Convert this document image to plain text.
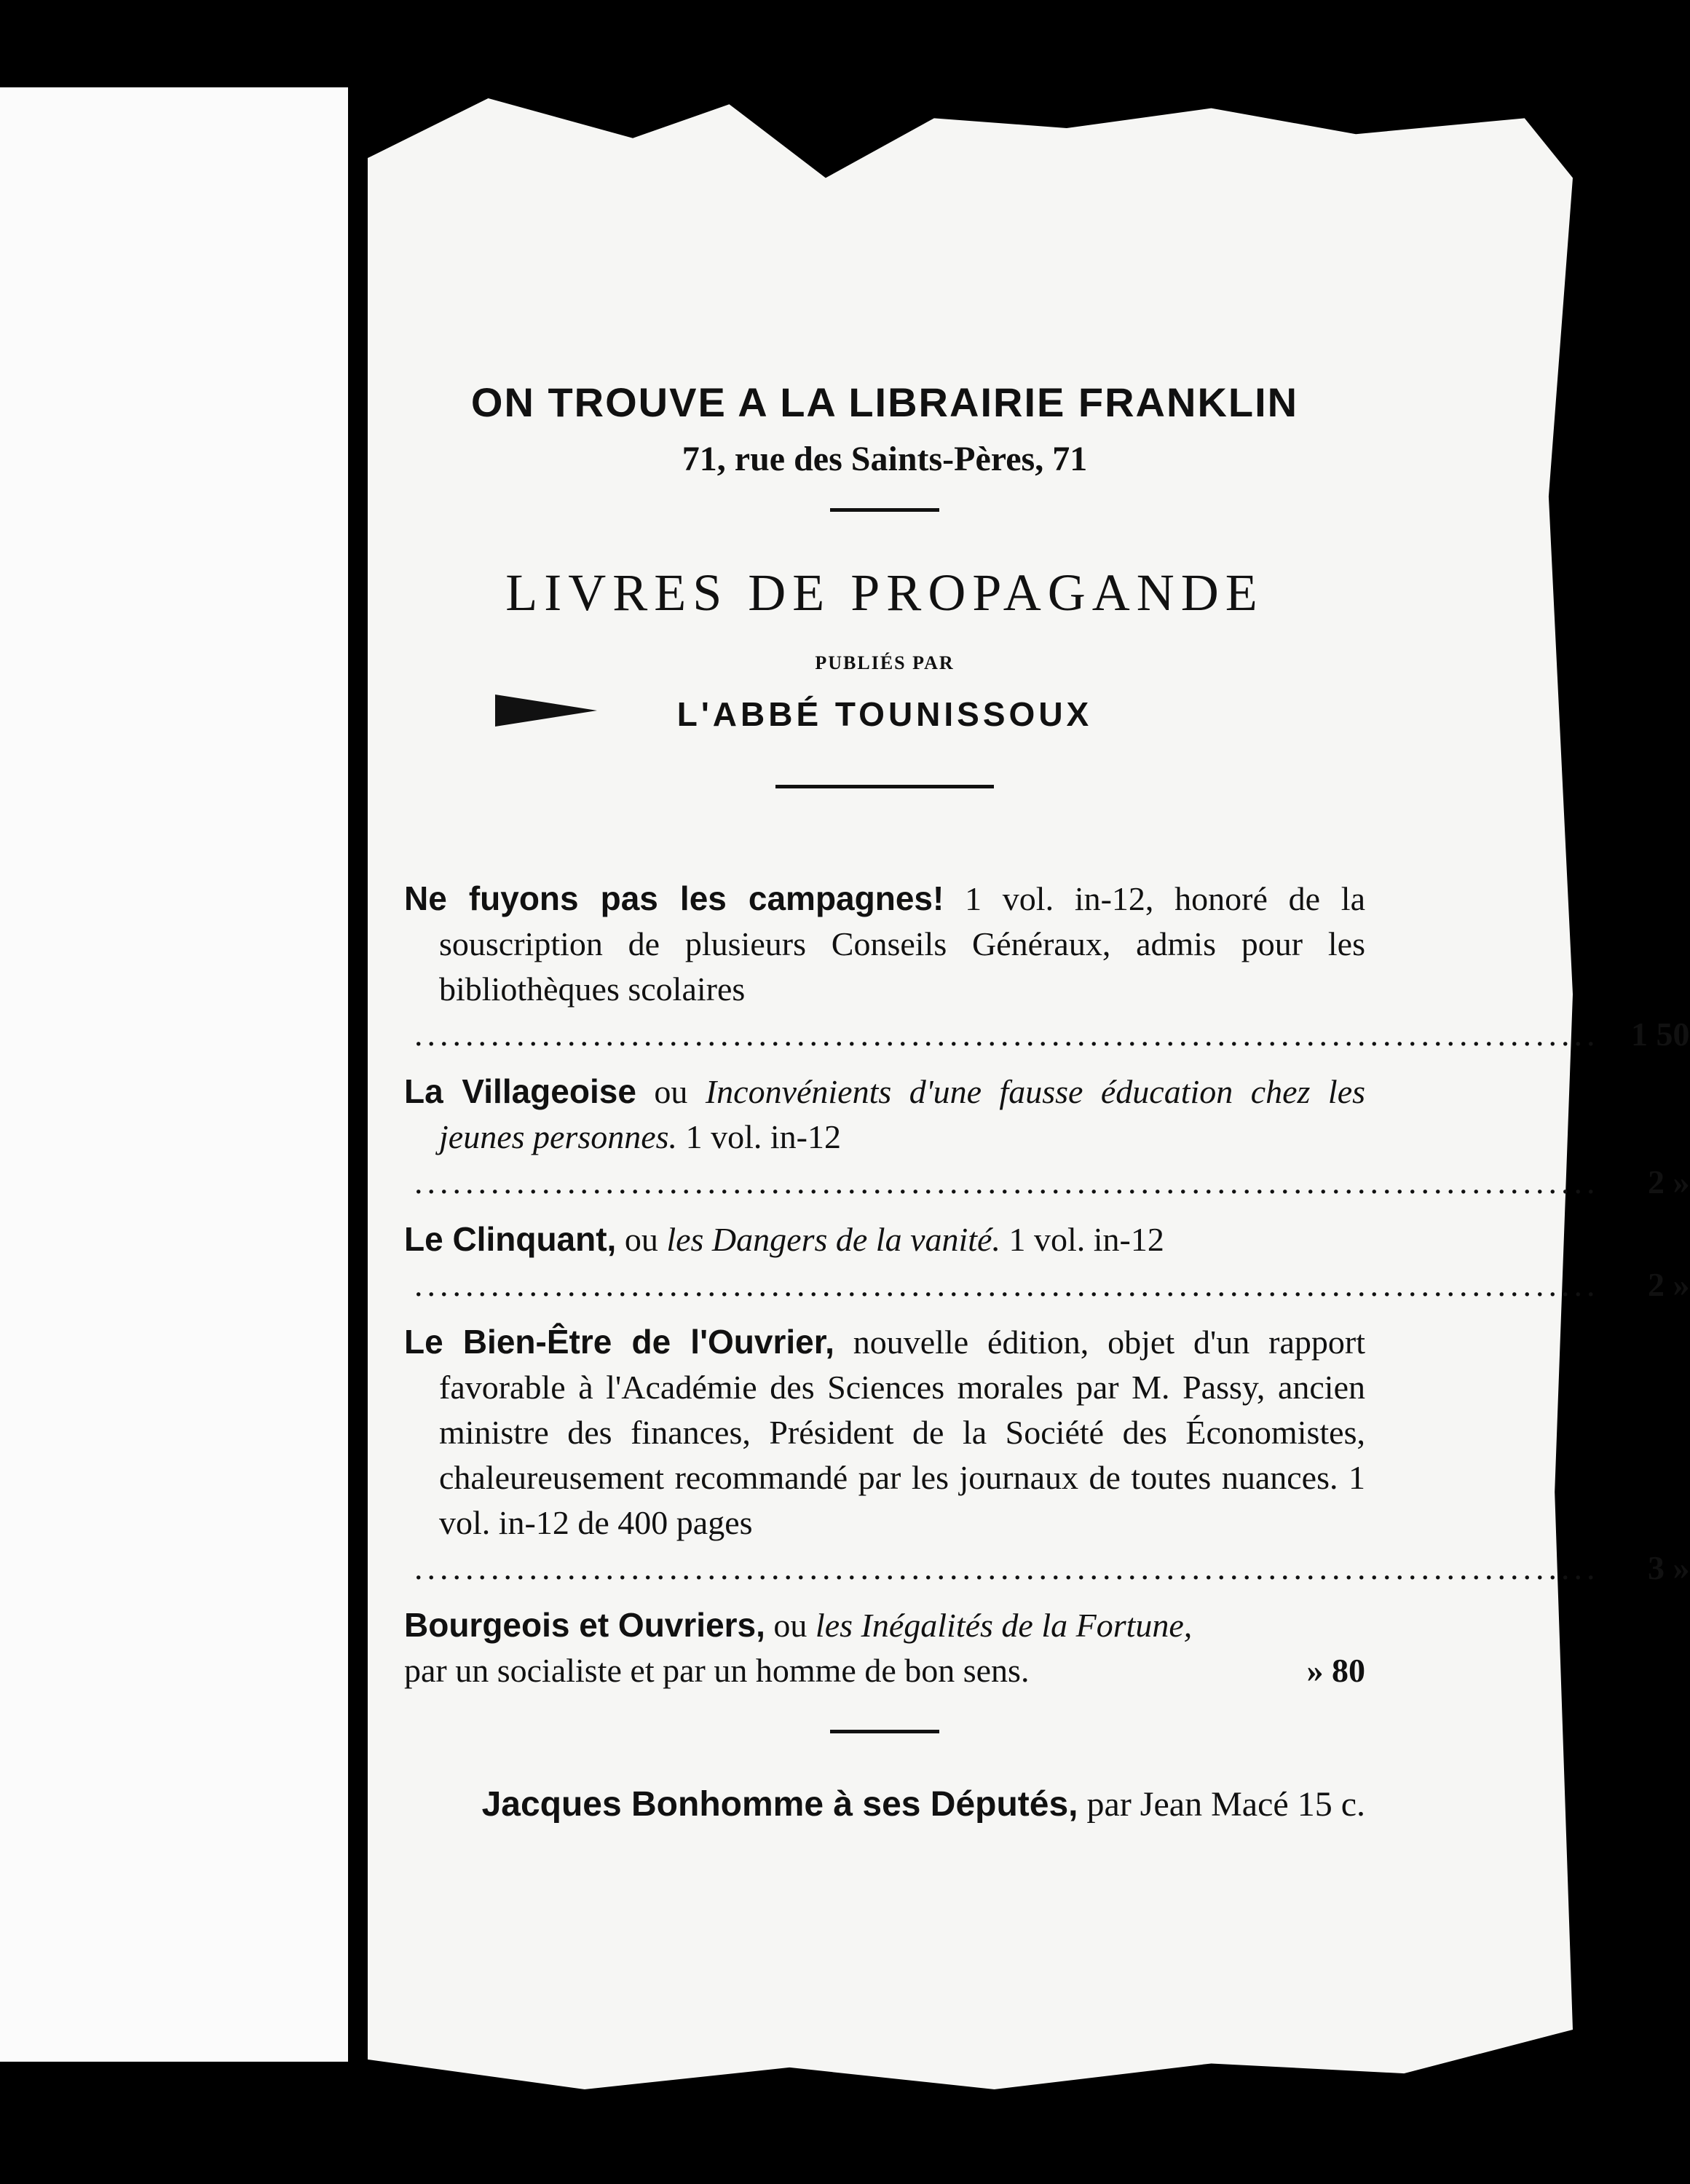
ON TROUVE A LA LIBRAIRIE FRANKLIN
71, rue des Saints-Pères, 71
LIVRES DE PROPAGANDE
PUBLIÉS PAR
L'ABBÉ TOUNISSOUX
Ne fuyons pas les campagnes! 1 vol. in-12, honoré de la souscription de plusieurs Conseils Généraux, admis pour les bibliothèques scolaires
............................................................................................. 1 50
La Villageoise ou Inconvénients d'une fausse éducation chez les jeunes personnes. 1 vol. in-12
.............................................................................................	2 »
Le Clinquant, ou les Dangers de la vanité. 1 vol. in-12
.............................................................................................	2 »
Le Bien-Être de l'Ouvrier, nouvelle édition, objet d'un rapport favorable à l'Académie des Sciences morales par M. Passy, ancien ministre des finances, Président de la Société des Économistes, chaleureusement recommandé par les journaux de toutes nuances. 1 vol. in-12 de 400 pages
.............................................................................................	3 »
Bourgeois et Ouvriers, ou les Inégalités de la Fortune,
par un socialiste et par un homme de bon sens.	» 80
Jacques Bonhomme à ses Députés, par Jean Macé 15 c.
